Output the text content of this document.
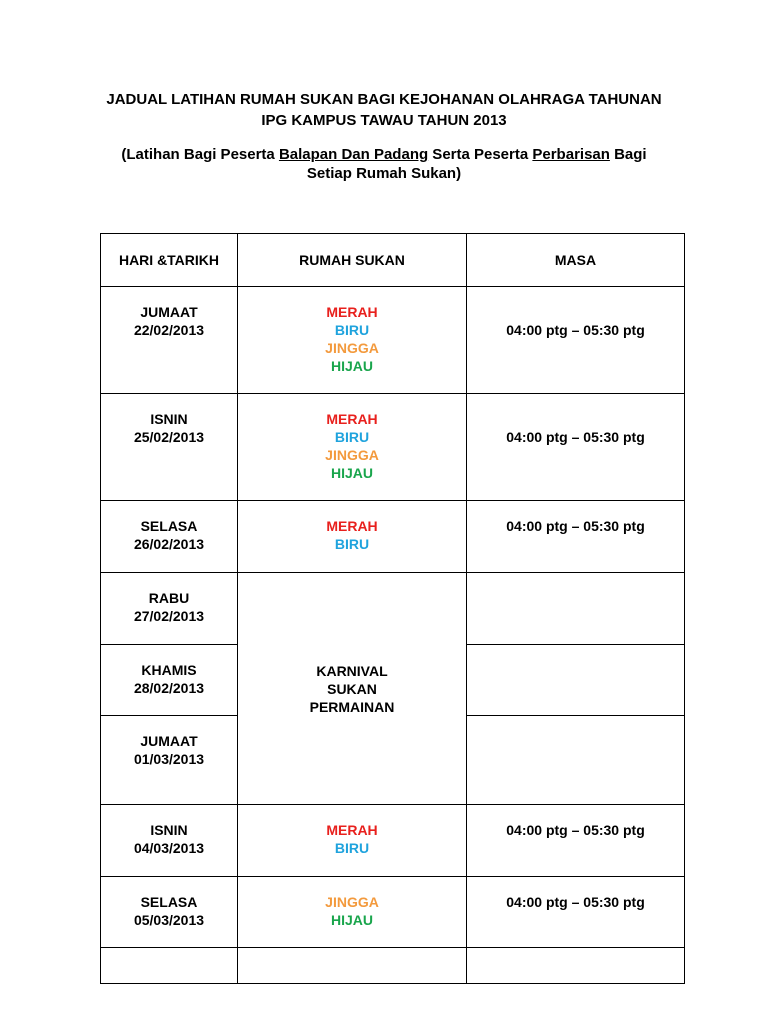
JADUAL LATIHAN RUMAH SUKAN BAGI KEJOHANAN OLAHRAGA TAHUNAN
IPG KAMPUS TAWAU TAHUN 2013
(Latihan Bagi Peserta Balapan Dan Padang Serta Peserta Perbarisan Bagi
Setiap Rumah Sukan)
HARI &TARIKH	RUMAH SUKAN	MASA

JUMAAT
22/02/2013	MERAH
BIRU
JINGGA
HIJAU	04:00 ptg – 05:30 ptg

ISNIN
25/02/2013	MERAH
BIRU
JINGGA
HIJAU	04:00 ptg – 05:30 ptg

SELASA
26/02/2013	MERAH
BIRU	04:00 ptg – 05:30 ptg

RABU
27/02/2013	KARNIVAL
SUKAN
PERMAINAN	

KHAMIS
28/02/2013		

JUMAAT
01/03/2013		

ISNIN
04/03/2013	MERAH
BIRU	04:00 ptg – 05:30 ptg

SELASA
05/03/2013	JINGGA
HIJAU	04:00 ptg – 05:30 ptg
